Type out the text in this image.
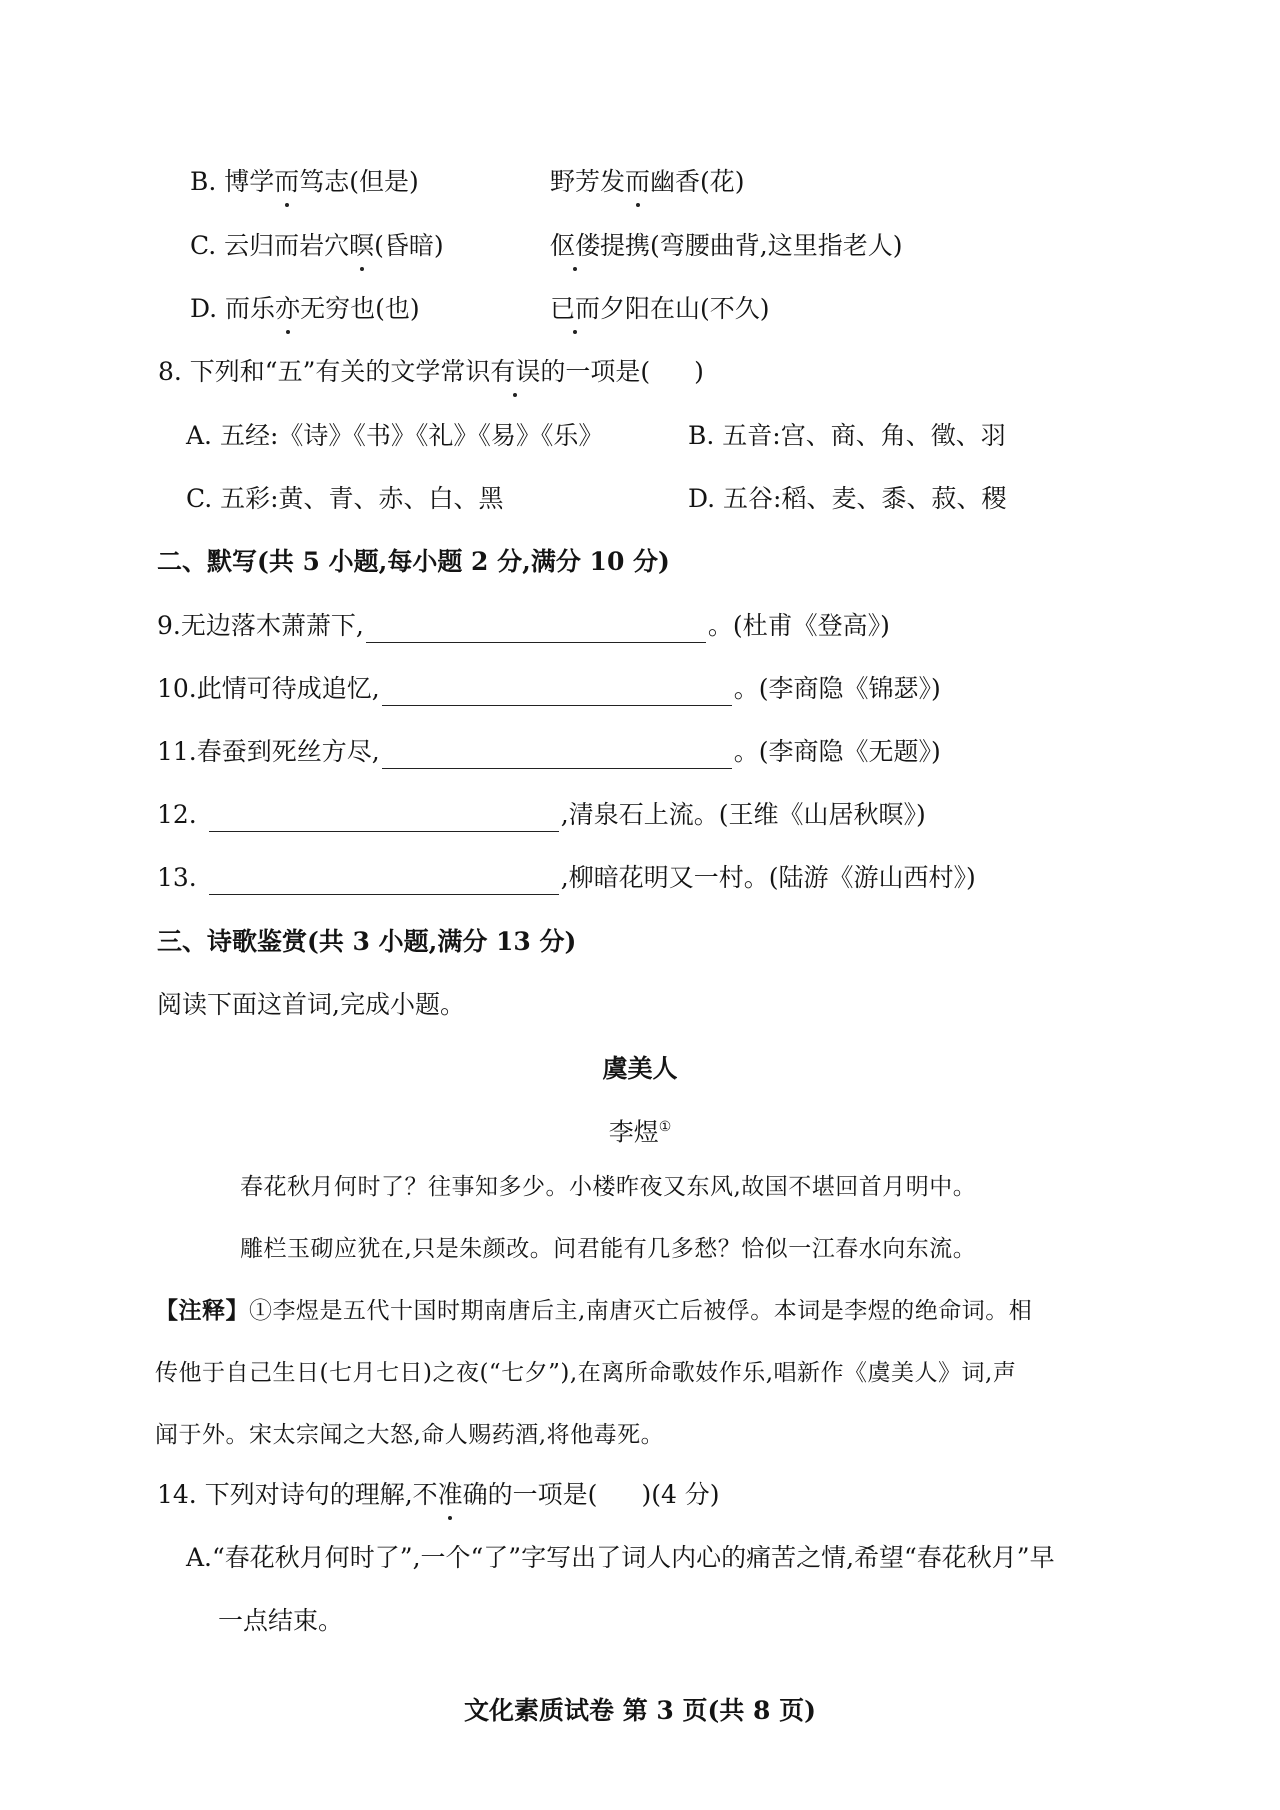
B. 博学而笃志(但是)	野芳发而幽香(花)
C. 云归而岩穴暝(昏暗)	伛偻提携(弯腰曲背,这里指老人)
D. 而乐亦无穷也(也)	已而夕阳在山(不久)
8. 下列和“五”有关的文学常识有误的一项是( )
A. 五经:《诗》《书》《礼》《易》《乐》	B. 五音:宫、商、角、徵、羽
C. 五彩:黄、青、赤、白、黑	D. 五谷:稻、麦、黍、菽、稷
二、默写(共 5 小题,每小题 2 分,满分 10 分)
9.无边落木萧萧下,	。(杜甫《登高》)
10.此情可待成追忆,	。(李商隐《锦瑟》)
11.春蚕到死丝方尽,	。(李商隐《无题》)
12.	,清泉石上流。(王维《山居秋暝》)
13.	,柳暗花明又一村。(陆游《游山西村》)
三、诗歌鉴赏(共 3 小题,满分 13 分)
阅读下面这首词,完成小题。
虞美人
李煜①
春花秋月何时了？往事知多少。小楼昨夜又东风,故国不堪回首月明中。
雕栏玉砌应犹在,只是朱颜改。问君能有几多愁？恰似一江春水向东流。
【注释】①李煜是五代十国时期南唐后主,南唐灭亡后被俘。本词是李煜的绝命词。相
传他于自己生日(七月七日)之夜(“七夕”),在离所命歌妓作乐,唱新作《虞美人》词,声
闻于外。宋太宗闻之大怒,命人赐药酒,将他毒死。
14. 下列对诗句的理解,不准确的一项是( )(4 分)
A.“春花秋月何时了”,一个“了”字写出了词人内心的痛苦之情,希望“春花秋月”早
一点结束。
文化素质试卷 第 3 页(共 8 页)
